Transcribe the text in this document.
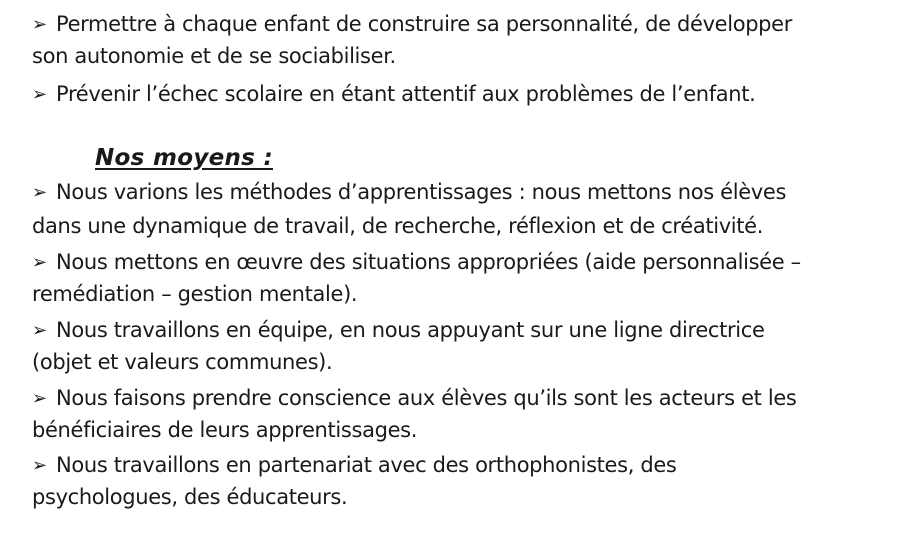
➢ Permettre à chaque enfant de construire sa personnalité, de développer
son autonomie et de se sociabiliser.
➢ Prévenir l’échec scolaire en étant attentif aux problèmes de l’enfant.
Nos moyens :
➢ Nous varions les méthodes d’apprentissages : nous mettons nos élèves
dans une dynamique de travail, de recherche, réflexion et de créativité.
➢ Nous mettons en œuvre des situations appropriées (aide personnalisée –
remédiation – gestion mentale).
➢ Nous travaillons en équipe, en nous appuyant sur une ligne directrice
(objet et valeurs communes).
➢ Nous faisons prendre conscience aux élèves qu’ils sont les acteurs et les
bénéficiaires de leurs apprentissages.
➢ Nous travaillons en partenariat avec des orthophonistes, des
psychologues, des éducateurs.
